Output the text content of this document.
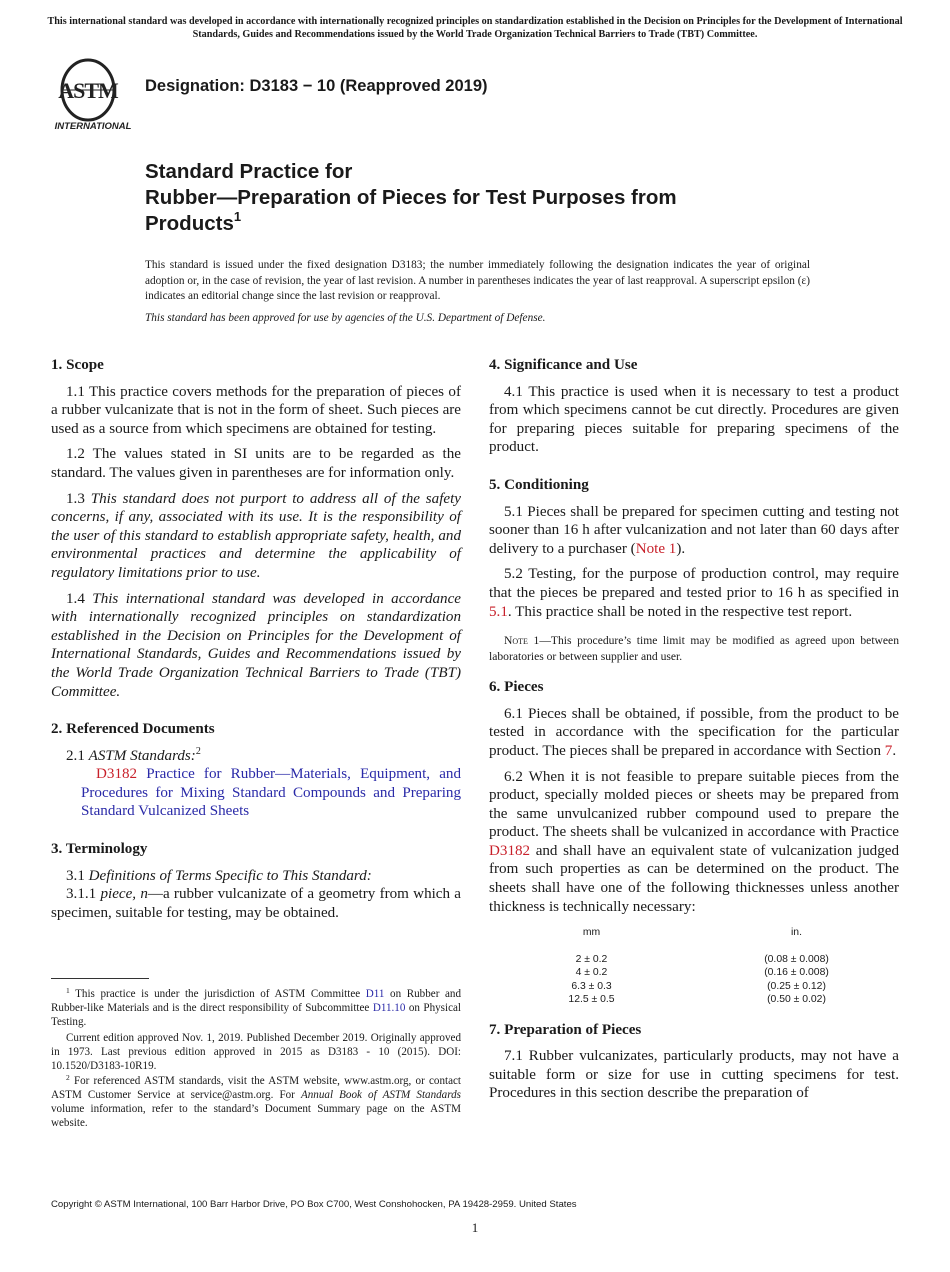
This international standard was developed in accordance with internationally recognized principles on standardization established in the Decision on Principles for the Development of International Standards, Guides and Recommendations issued by the World Trade Organization Technical Barriers to Trade (TBT) Committee.
ASTM
INTERNATIONAL
Designation: D3183 − 10 (Reapproved 2019)
Standard Practice for
Rubber—Preparation of Pieces for Test Purposes from
Products$^1$
This standard is issued under the fixed designation D3183; the number immediately following the designation indicates the year of original adoption or, in the case of revision, the year of last revision. A number in parentheses indicates the year of last reapproval. A superscript epsilon (ε) indicates an editorial change since the last revision or reapproval.
This standard has been approved for use by agencies of the U.S. Department of Defense.
1. Scope

1.1 This practice covers methods for the preparation of pieces of a rubber vulcanizate that is not in the form of sheet. Such pieces are used as a source from which specimens are obtained for testing.

1.2 The values stated in SI units are to be regarded as the standard. The values given in parentheses are for information only.

1.3 This standard does not purport to address all of the safety concerns, if any, associated with its use. It is the responsibility of the user of this standard to establish appropriate safety, health, and environmental practices and determine the applicability of regulatory limitations prior to use.

1.4 This international standard was developed in accordance with internationally recognized principles on standardization established in the Decision on Principles for the Development of International Standards, Guides and Recommendations issued by the World Trade Organization Technical Barriers to Trade (TBT) Committee.

2. Referenced Documents

2.1 ASTM Standards:$^2$

D3182 Practice for Rubber—Materials, Equipment, and Procedures for Mixing Standard Compounds and Preparing Standard Vulcanized Sheets

3. Terminology

3.1 Definitions of Terms Specific to This Standard:

3.1.1 piece, n—a rubber vulcanizate of a geometry from which a specimen, suitable for testing, may be obtained.

4. Significance and Use

4.1 This practice is used when it is necessary to test a product from which specimens cannot be cut directly. Procedures are given for preparing pieces suitable for preparing specimens of the product.

5. Conditioning

5.1 Pieces shall be prepared for specimen cutting and testing not sooner than 16 h after vulcanization and not later than 60 days after delivery to a purchaser (Note 1).

5.2 Testing, for the purpose of production control, may require that the pieces be prepared and tested prior to 16 h as specified in 5.1. This practice shall be noted in the respective test report.

Note 1—This procedure’s time limit may be modified as agreed upon between laboratories or between supplier and user.
6. Pieces

6.1 Pieces shall be obtained, if possible, from the product to be tested in accordance with the specification for the particular product. The pieces shall be prepared in accordance with Section 7.

6.2 When it is not feasible to prepare suitable pieces from the product, specially molded pieces or sheets may be prepared from the same unvulcanized rubber compound used to prepare the product. The sheets shall be vulcanized in accordance with Practice D3182 and shall have an equivalent state of vulcanization judged from such properties as can be determined on the product. The sheets shall have one of the following thicknesses unless another thickness is technically necessary:

mm	in.
2 ± 0.2	(0.08 ± 0.008)
4 ± 0.2	(0.16 ± 0.008)
6.3 ± 0.3	(0.25 ± 0.12)
12.5 ± 0.5	(0.50 ± 0.02)
7. Preparation of Pieces

7.1 Rubber vulcanizates, particularly products, may not have a suitable form or size for use in cutting specimens for test. Procedures in this section describe the preparation of

$^1$ This practice is under the jurisdiction of ASTM Committee D11 on Rubber and Rubber-like Materials and is the direct responsibility of Subcommittee D11.10 on Physical Testing.

Current edition approved Nov. 1, 2019. Published December 2019. Originally approved in 1973. Last previous edition approved in 2015 as D3183 - 10 (2015). DOI: 10.1520/D3183-10R19.

$^2$ For referenced ASTM standards, visit the ASTM website, www.astm.org, or contact ASTM Customer Service at service@astm.org. For Annual Book of ASTM Standards volume information, refer to the standard’s Document Summary page on the ASTM website.

Copyright © ASTM International, 100 Barr Harbor Drive, PO Box C700, West Conshohocken, PA 19428-2959. United States
1
